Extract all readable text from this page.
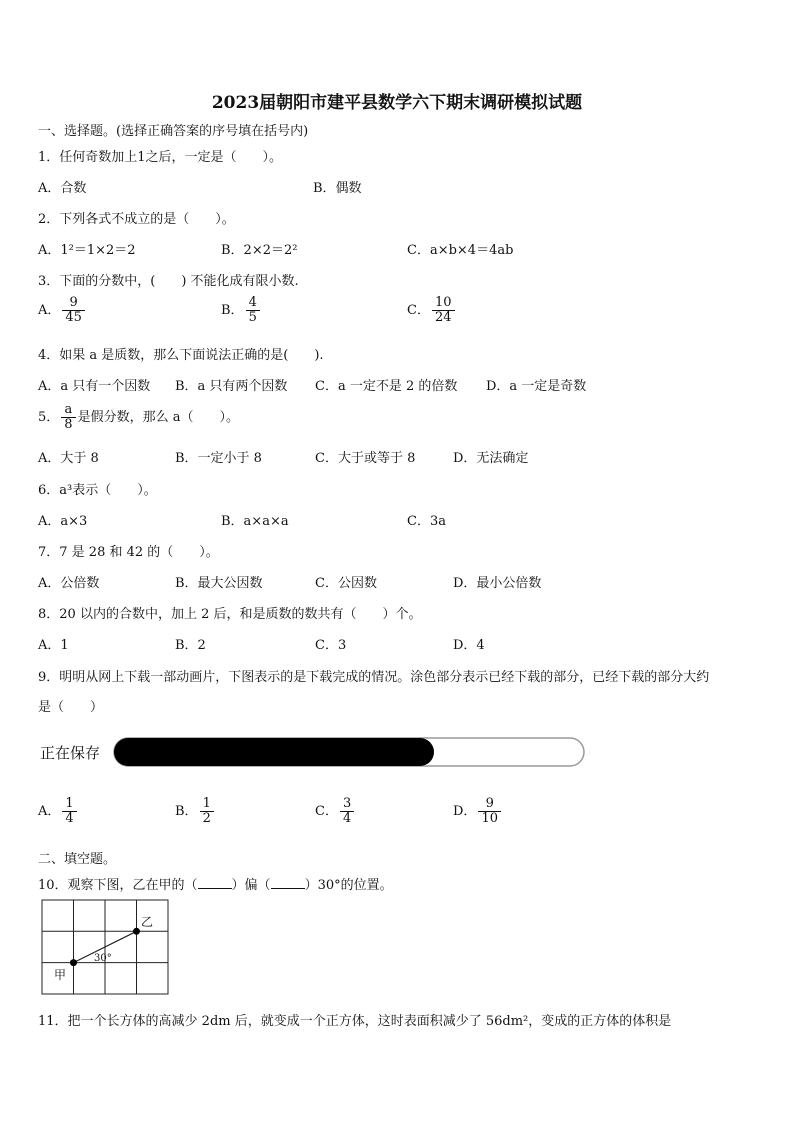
2023届朝阳市建平县数学六下期末调研模拟试题
一、选择题。(选择正确答案的序号填在括号内)
1．任何奇数加上1之后，一定是（　　）。
A．合数	B．偶数
2．下列各式不成立的是（　　）。
A．1²＝1×2＝2	B．2×2＝2²	C．a×b×4＝4ab
3．下面的分数中，(　　) 不能化成有限小数.
A． $\frac{9}{45}$	B． $\frac{4}{5}$	C． $\frac{10}{24}$
4．如果 a 是质数，那么下面说法正确的是(　　).
A．a 只有一个因数 B．a 只有两个因数 C．a 一定不是 2 的倍数 D．a 一定是奇数
5． $\frac{a}{8}$ 是假分数，那么 a（　　）。
A．大于 8	B．一定小于 8	C．大于或等于 8	D．无法确定
6．a³表示（　　）。
A．a×3	B．a×a×a	C．3a
7．7 是 28 和 42 的（　　）。
A．公倍数	B．最大公因数	C．公因数	D．最小公倍数
8．20 以内的合数中，加上 2 后，和是质数的数共有（　　）个。
A．1	B．2	C．3	D．4
9．明明从网上下载一部动画片，下图表示的是下载完成的情况。涂色部分表示已经下载的部分，已经下载的部分大约
是（　　）
正在保存
A． $\frac{1}{4}$	B． $\frac{1}{2}$	C． $\frac{3}{4}$	D． $\frac{9}{10}$
二、填空题。
10．观察下图，乙在甲的（	）偏（	）30°的位置。
甲
乙
30°
11．把一个长方体的高减少 2dm 后，就变成一个正方体，这时表面积减少了 56dm²，变成的正方体的体积是
